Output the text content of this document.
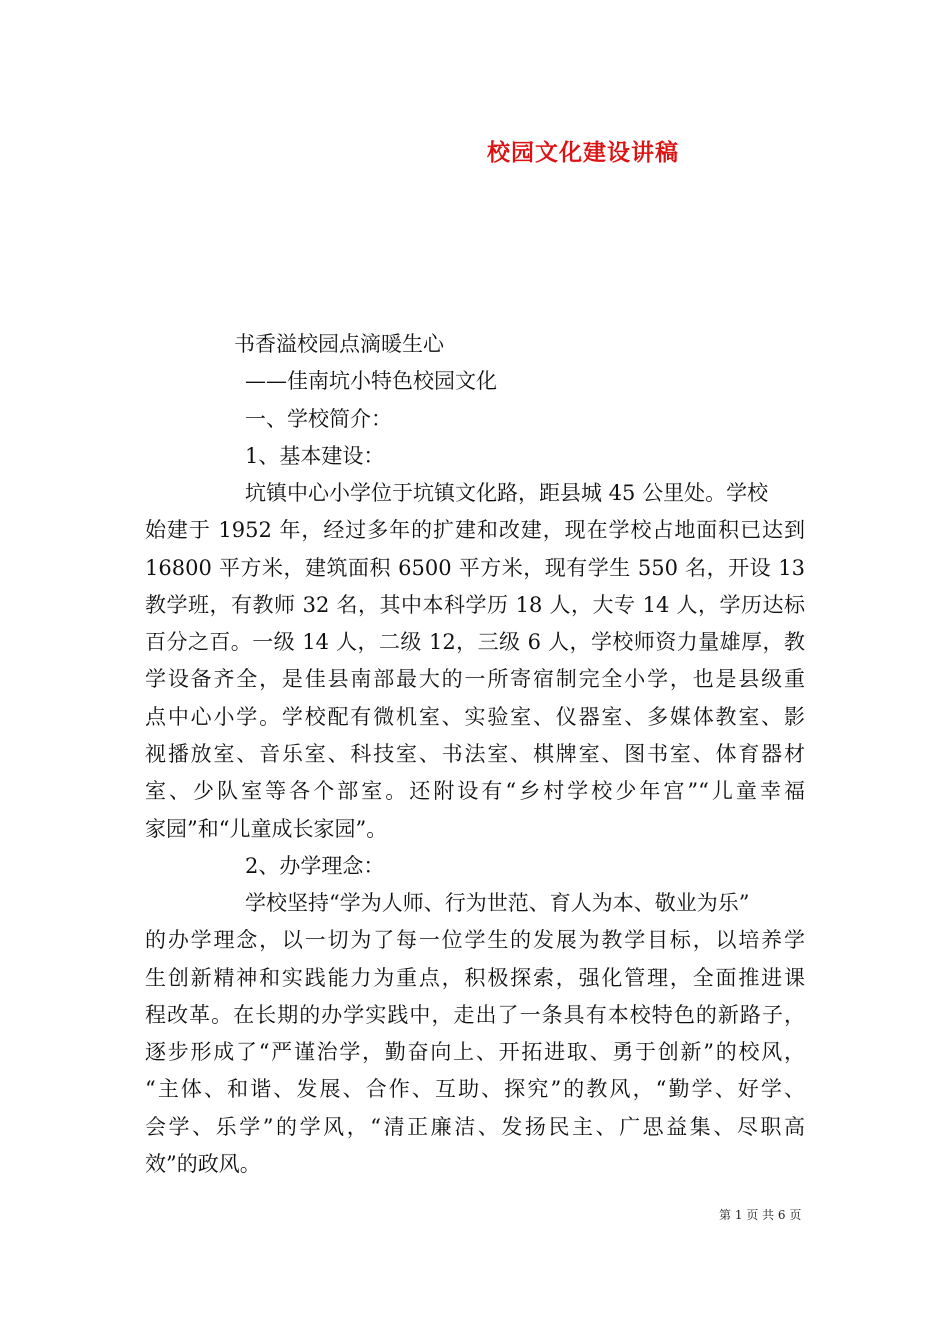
校园文化建设讲稿
书香溢校园点滴暖生心
——佳南坑小特色校园文化
一、学校简介：
1、基本建设：
坑镇中心小学位于坑镇文化路，距县城 45 公里处。学校
始建于 1952 年，经过多年的扩建和改建，现在学校占地面积已达到
16800 平方米，建筑面积 6500 平方米，现有学生 550 名，开设 13
教学班，有教师 32 名，其中本科学历 18 人，大专 14 人，学历达标
百分之百。一级 14 人，二级 12，三级 6 人，学校师资力量雄厚，教
学设备齐全，是佳县南部最大的一所寄宿制完全小学，也是县级重
点中心小学。学校配有微机室、实验室、仪器室、多媒体教室、影
视播放室、音乐室、科技室、书法室、棋牌室、图书室、体育器材
室、少队室等各个部室。还附设有“乡村学校少年宫”“儿童幸福
家园”和“儿童成长家园”。
2、办学理念：
学校坚持“学为人师、行为世范、育人为本、敬业为乐”
的办学理念，以一切为了每一位学生的发展为教学目标，以培养学
生创新精神和实践能力为重点，积极探索，强化管理，全面推进课
程改革。在长期的办学实践中，走出了一条具有本校特色的新路子，
逐步形成了“严谨治学，勤奋向上、开拓进取、勇于创新”的校风，
“主体、和谐、发展、合作、互助、探究”的教风，“勤学、好学、
会学、乐学”的学风，“清正廉洁、发扬民主、广思益集、尽职高
效”的政风。
第 1 页 共 6 页
